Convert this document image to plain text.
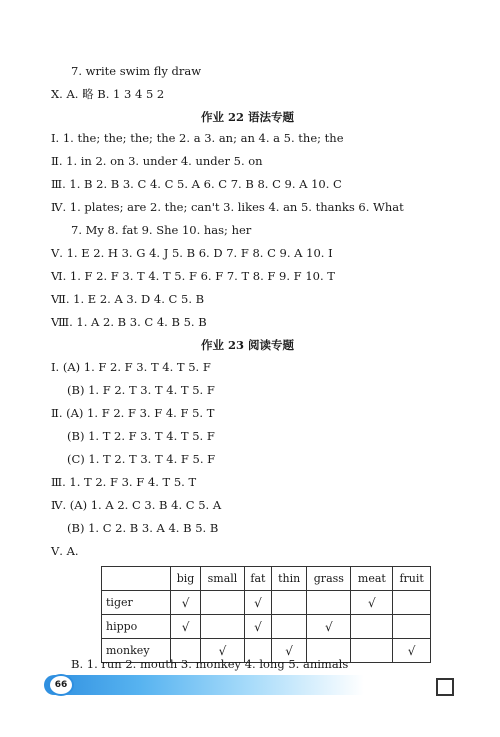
7. write swim fly draw
Ⅹ. A. 略 B. 1 3 4 5 2
作业 22 语法专题
Ⅰ. 1. the; the; the; the 2. a 3. an; an 4. a 5. the; the
Ⅱ. 1. in 2. on 3. under 4. under 5. on
Ⅲ. 1. B 2. B 3. C 4. C 5. A 6. C 7. B 8. C 9. A 10. C
Ⅳ. 1. plates; are 2. the; can't 3. likes 4. an 5. thanks 6. What
7. My 8. fat 9. She 10. has; her
Ⅴ. 1. E 2. H 3. G 4. J 5. B 6. D 7. F 8. C 9. A 10. I
Ⅵ. 1. F 2. F 3. T 4. T 5. F 6. F 7. T 8. F 9. F 10. T
Ⅶ. 1. E 2. A 3. D 4. C 5. B
Ⅷ. 1. A 2. B 3. C 4. B 5. B
作业 23 阅读专题
Ⅰ. (A) 1. F 2. F 3. T 4. T 5. F
(B) 1. F 2. T 3. T 4. T 5. F
Ⅱ. (A) 1. F 2. F 3. F 4. F 5. T
(B) 1. T 2. F 3. T 4. T 5. F
(C) 1. T 2. T 3. T 4. F 5. F
Ⅲ. 1. T 2. F 3. F 4. T 5. T
Ⅳ. (A) 1. A 2. C 3. B 4. C 5. A
(B) 1. C 2. B 3. A 4. B 5. B
Ⅴ. A.
	big	small	fat	thin	grass	meat	fruit
tiger	√		√			√	
hippo	√		√		√		
monkey		√		√			√
B. 1. run 2. mouth 3. monkey 4. long 5. animals
66
